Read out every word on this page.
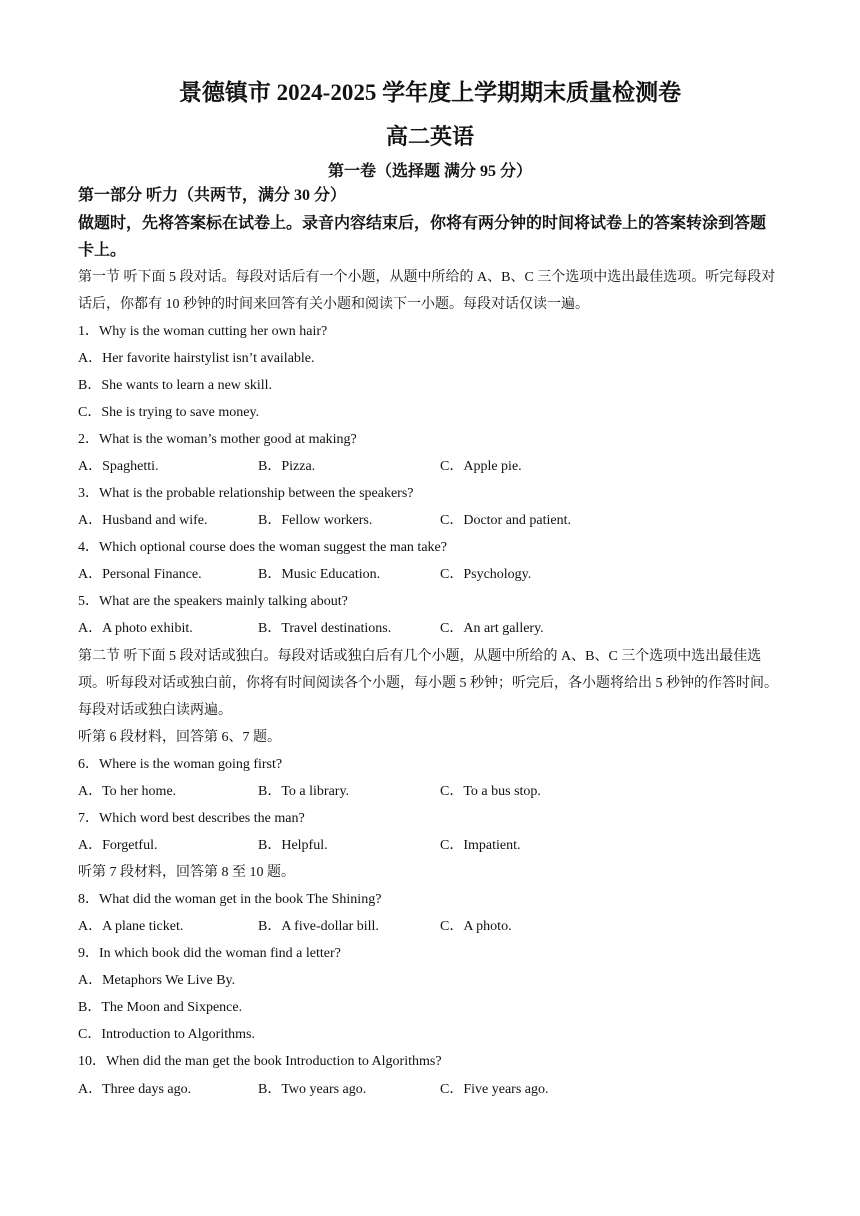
景德镇市 2024-2025 学年度上学期期末质量检测卷
高二英语
第一卷（选择题 满分 95 分）
第一部分 听力（共两节，满分 30 分）
做题时，先将答案标在试卷上。录音内容结束后，你将有两分钟的时间将试卷上的答案转涂到答题卡上。
第一节 听下面 5 段对话。每段对话后有一个小题，从题中所给的 A、B、C 三个选项中选出最佳选项。听完每段对话后，你都有 10 秒钟的时间来回答有关小题和阅读下一小题。每段对话仅读一遍。
1．Why is the woman cutting her own hair?
A．Her favorite hairstylist isn’t available.
B．She wants to learn a new skill.
C．She is trying to save money.
2．What is the woman’s mother good at making?
A．Spaghetti.	B．Pizza.	C．Apple pie.
3．What is the probable relationship between the speakers?
A．Husband and wife.	B．Fellow workers.	C．Doctor and patient.
4．Which optional course does the woman suggest the man take?
A．Personal Finance.	B．Music Education.	C．Psychology.
5．What are the speakers mainly talking about?
A．A photo exhibit.	B．Travel destinations.	C．An art gallery.
第二节 听下面 5 段对话或独白。每段对话或独白后有几个小题，从题中所给的 A、B、C 三个选项中选出最佳选项。听每段对话或独白前，你将有时间阅读各个小题，每小题 5 秒钟；听完后，各小题将给出 5 秒钟的作答时间。每段对话或独白读两遍。
听第 6 段材料，回答第 6、7 题。
6．Where is the woman going first?
A．To her home.	B．To a library.	C．To a bus stop.
7．Which word best describes the man?
A．Forgetful.	B．Helpful.	C．Impatient.
听第 7 段材料，回答第 8 至 10 题。
8．What did the woman get in the book The Shining?
A．A plane ticket.	B．A five-dollar bill.	C．A photo.
9．In which book did the woman find a letter?
A．Metaphors We Live By.
B．The Moon and Sixpence.
C．Introduction to Algorithms.
10．When did the man get the book Introduction to Algorithms?
A．Three days ago.	B．Two years ago.	C．Five years ago.
